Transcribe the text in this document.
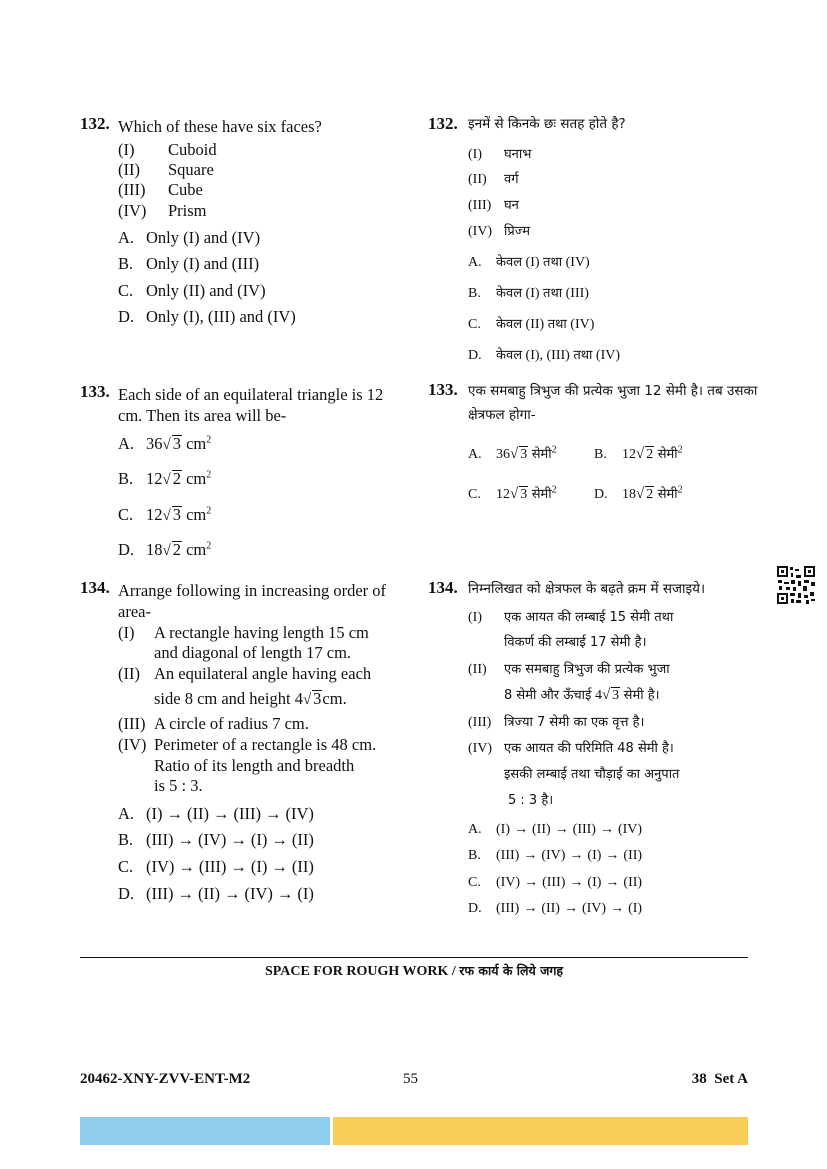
132. Which of these have six faces?
(I) Cuboid
(II) Square
(III) Cube
(IV) Prism
A. Only (I) and (IV)
B. Only (I) and (III)
C. Only (II) and (IV)
D. Only (I), (III) and (IV)
133. Each side of an equilateral triangle is 12 cm. Then its area will be-
A. 36√ 3 $cm^2$
B. 12√ 2 $cm^2$
C. 12√ 3 $cm^2$
D. 18√ 2 $cm^2$
134. Arrange following in increasing order of area-
(I) A rectangle having length 15 cm
and diagonal of length 17 cm.
(II) An equilateral angle having each
side 8 cm and height 4√ 3cm.
(III) A circle of radius 7 cm.
(IV) Perimeter of a rectangle is 48 cm.
Ratio of its length and breadth
is 5 : 3.
A. (I) → (II) → (III) → (IV)
B. (III) → (IV) → (I) → (II)
C. (IV) → (III) → (I) → (II)
D. (III) → (II) → (IV) → (I)
132. इनमें से किनके छः सतह होते है?
(I) घनाभ
(II) वर्ग
(III) घन
(IV) प्रिज्म
A. केवल (I) तथा (IV)
B. केवल (I) तथा (III)
C. केवल (II) तथा (IV)
D. केवल (I), (III) तथा (IV)
133. एक समबाहु त्रिभुज की प्रत्येक भुजा 12 सेमी है। तब उसका क्षेत्रफल होगा-
A. 36√ 3 सेमी$^2$	B. 12√ 2 सेमी$^2$
C. 12√ 3 सेमी$^2$	D. 18√ 2 सेमी$^2$
134. निम्नलिखत को क्षेत्रफल के बढ़ते क्रम में सजाइये।
(I) एक आयत की लम्बाई 15 सेमी तथा
विकर्ण की लम्बाई 17 सेमी है।
(II) एक समबाहु त्रिभुज की प्रत्येक भुजा
8 सेमी और ऊँचाई 4√ 3 सेमी है।
(III) त्रिज्या 7 सेमी का एक वृत्त है।
(IV) एक आयत की परिमिति 48 सेमी है।
इसकी लम्बाई तथा चौड़ाई का अनुपात
5 : 3 है।
A. (I) → (II) → (III) → (IV)
B. (III) → (IV) → (I) → (II)
C. (IV) → (III) → (I) → (II)
D. (III) → (II) → (IV) → (I)
SPACE FOR ROUGH WORK / रफ कार्य के लिये जगह
20462-XNY-ZVV-ENT-M2	55	38 Set A
